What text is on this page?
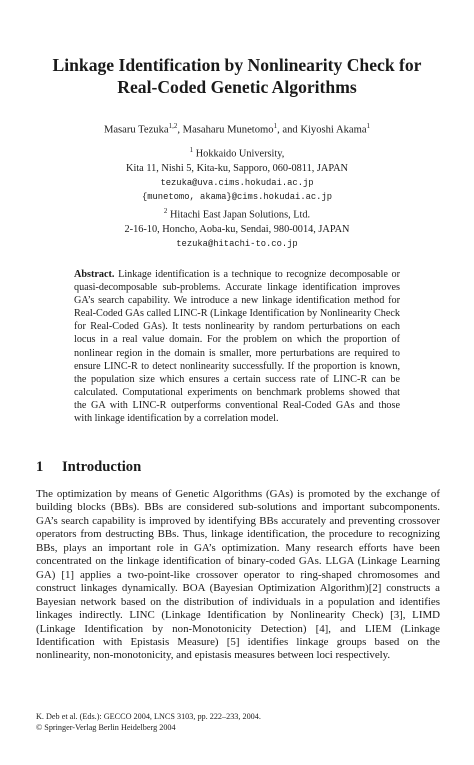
Linkage Identification by Nonlinearity Check for
Real-Coded Genetic Algorithms
Masaru Tezuka$^{1,2}$, Masaharu Munetomo$^1$, and Kiyoshi Akama$^1$
$^1$ Hokkaido University,
Kita 11, Nishi 5, Kita-ku, Sapporo, 060-0811, JAPAN
tezuka@uva.cims.hokudai.ac.jp
{munetomo, akama}@cims.hokudai.ac.jp
$^2$ Hitachi East Japan Solutions, Ltd.
2-16-10, Honcho, Aoba-ku, Sendai, 980-0014, JAPAN
tezuka@hitachi-to.co.jp
Abstract. Linkage identification is a technique to recognize decomposable or quasi-decomposable sub-problems. Accurate linkage identification improves GA’s search capability. We introduce a new linkage identification method for Real-Coded GAs called LINC-R (Linkage Identification by Nonlinearity Check for Real-Coded GAs). It tests nonlinearity by random perturbations on each locus in a real value domain. For the problem on which the proportion of nonlinear region in the domain is smaller, more perturbations are required to ensure LINC-R to detect nonlinearity successfully. If the proportion is known, the population size which ensures a certain success rate of LINC-R can be calculated. Computational experiments on benchmark problems showed that the GA with LINC-R outperforms conventional Real-Coded GAs and those with linkage identification by a correlation model.
1 Introduction
The optimization by means of Genetic Algorithms (GAs) is promoted by the exchange of building blocks (BBs). BBs are considered sub-solutions and important subcomponents. GA’s search capability is improved by identifying BBs accurately and preventing crossover operators from destructing BBs. Thus, linkage identification, the procedure to recognizing BBs, plays an important role in GA’s optimization. Many research efforts have been concentrated on the linkage identification of binary-coded GAs. LLGA (Linkage Learning GA) [1] applies a two-point-like crossover operator to ring-shaped chromosomes and construct linkages dynamically. BOA (Bayesian Optimization Algorithm)[2] constructs a Bayesian network based on the distribution of individuals in a population and identifies linkages indirectly. LINC (Linkage Identification by Nonlinearity Check) [3], LIMD (Linkage Identification by non-Monotonicity Detection) [4], and LIEM (Linkage Identification with Epistasis Measure) [5] identifies linkage groups based on the nonlinearity, non-monotonicity, and epistasis measures between loci respectively.
K. Deb et al. (Eds.): GECCO 2004, LNCS 3103, pp. 222–233, 2004.
© Springer-Verlag Berlin Heidelberg 2004
